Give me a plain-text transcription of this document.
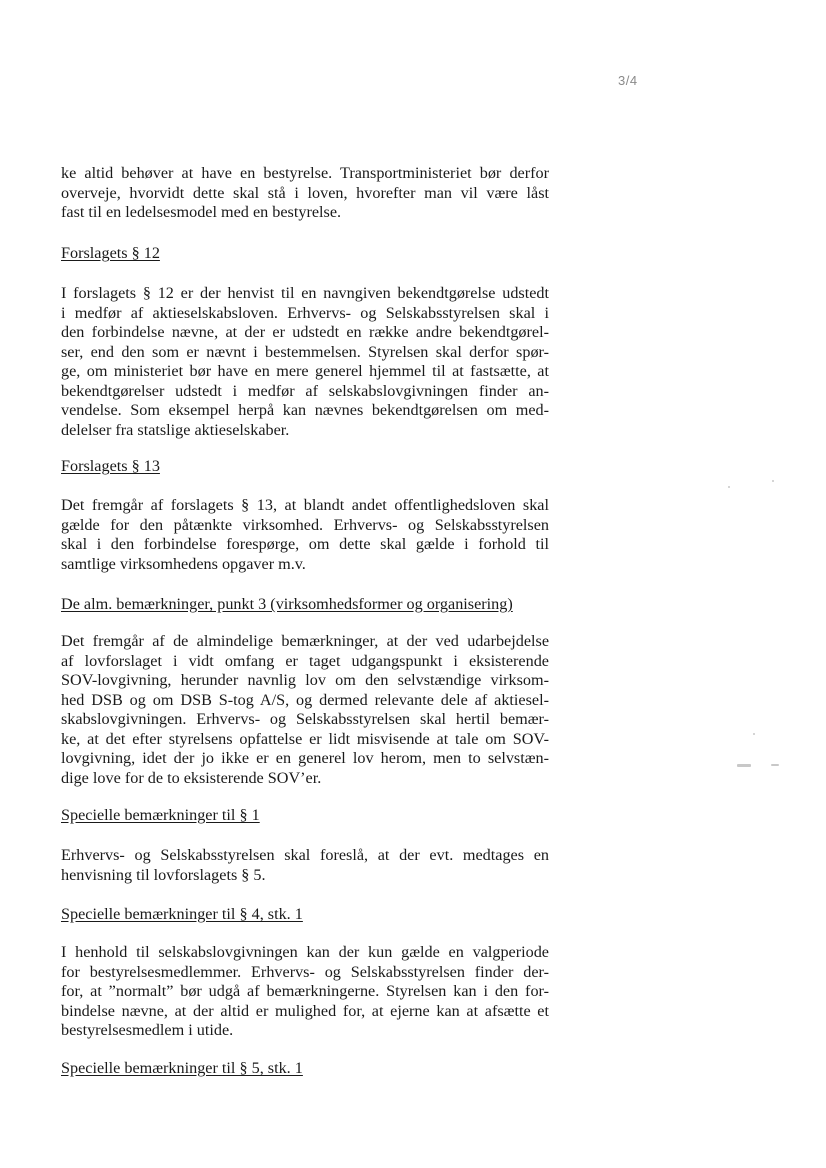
3/4
ke altid behøver at have en bestyrelse. Transportministeriet bør derfor
overveje, hvorvidt dette skal stå i loven, hvorefter man vil være låst
fast til en ledelsesmodel med en bestyrelse.
Forslagets § 12
I forslagets § 12 er der henvist til en navngiven bekendtgørelse udstedt
i medfør af aktieselskabsloven. Erhvervs- og Selskabsstyrelsen skal i
den forbindelse nævne, at der er udstedt en række andre bekendtgørel-
ser, end den som er nævnt i bestemmelsen. Styrelsen skal derfor spør-
ge, om ministeriet bør have en mere generel hjemmel til at fastsætte, at
bekendtgørelser udstedt i medfør af selskabslovgivningen finder an-
vendelse. Som eksempel herpå kan nævnes bekendtgørelsen om med-
delelser fra statslige aktieselskaber.
Forslagets § 13
Det fremgår af forslagets § 13, at blandt andet offentlighedsloven skal
gælde for den påtænkte virksomhed. Erhvervs- og Selskabsstyrelsen
skal i den forbindelse forespørge, om dette skal gælde i forhold til
samtlige virksomhedens opgaver m.v.
De alm. bemærkninger, punkt 3 (virksomhedsformer og organisering)
Det fremgår af de almindelige bemærkninger, at der ved udarbejdelse
af lovforslaget i vidt omfang er taget udgangspunkt i eksisterende
SOV-lovgivning, herunder navnlig lov om den selvstændige virksom-
hed DSB og om DSB S-tog A/S, og dermed relevante dele af aktiesel-
skabslovgivningen. Erhvervs- og Selskabsstyrelsen skal hertil bemær-
ke, at det efter styrelsens opfattelse er lidt misvisende at tale om SOV-
lovgivning, idet der jo ikke er en generel lov herom, men to selvstæn-
dige love for de to eksisterende SOV’er.
Specielle bemærkninger til § 1
Erhvervs- og Selskabsstyrelsen skal foreslå, at der evt. medtages en
henvisning til lovforslagets § 5.
Specielle bemærkninger til § 4, stk. 1
I henhold til selskabslovgivningen kan der kun gælde en valgperiode
for bestyrelsesmedlemmer. Erhvervs- og Selskabsstyrelsen finder der-
for, at ”normalt” bør udgå af bemærkningerne. Styrelsen kan i den for-
bindelse nævne, at der altid er mulighed for, at ejerne kan at afsætte et
bestyrelsesmedlem i utide.
Specielle bemærkninger til § 5, stk. 1
